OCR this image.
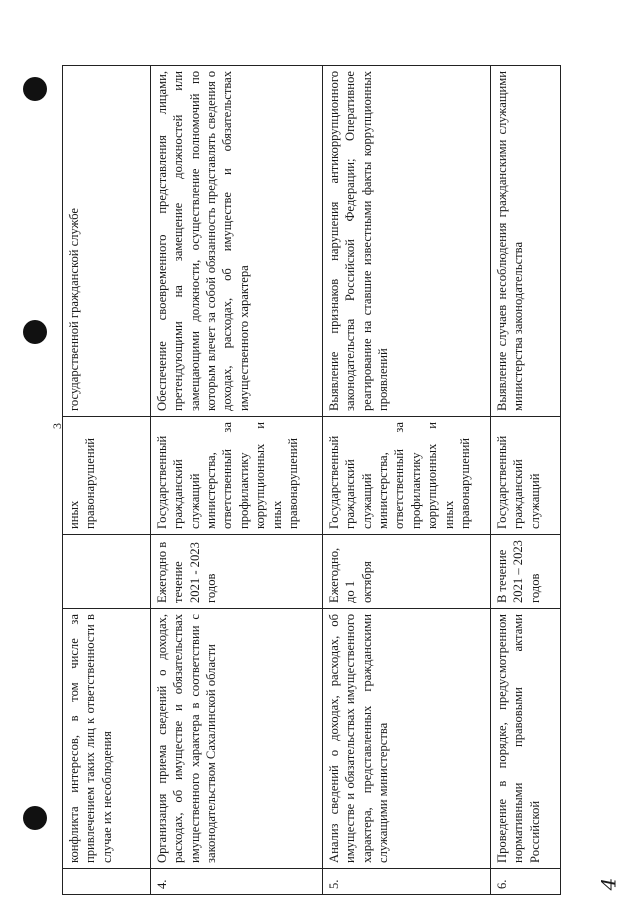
3
	конфликта интересов, в том числе за привлечением таких лиц к ответственности в случае их несоблюдения		иных правонарушений	государственной гражданской службе
4.	Организация приема сведений о доходах, расходах, об имуществе и обязательствах имущественного характера в соответствии с законодательством Сахалинской области	Ежегодно в течение 2021 - 2023 годов	Государственный гражданский служащий министерства, ответственный за профилактику коррупционных и иных правонарушений	Обеспечение своевременного представления лицами, претендующими на замещение должностей или замещающими должности, осуществление полномочий по которым влечет за собой обязанность представлять сведения о доходах, расходах, об имуществе и обязательствах имущественного характера
5.	Анализ сведений о доходах, расходах, об имуществе и обязательствах имущественного характера, представленных гражданскими служащими министерства	Ежегодно, до 1 октября	Государственный гражданский служащий министерства, ответственный за профилактику коррупционных и иных правонарушений	Выявление признаков нарушения антикоррупционного законодательства Российской Федерации; Оперативное реагирование на ставшие известными факты коррупционных проявлений
6.	Проведение в порядке, предусмотренном нормативными правовыми актами Российской	В течение 2021 – 2023 годов	Государственный гражданский служащий	Выявление случаев несоблюдения гражданскими служащими министерства законодательства
4
